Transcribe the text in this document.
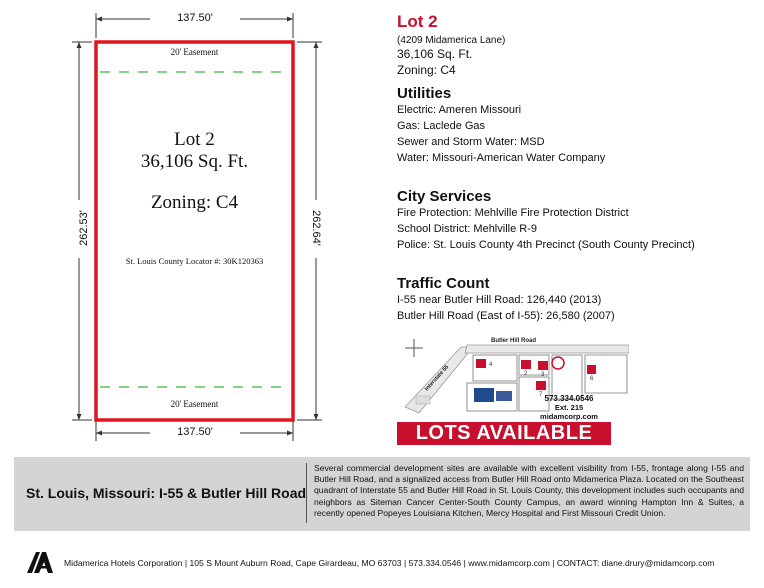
137.50'
137.50'
262.53'	262.64'
20' Easement
20' Easement
Lot 2
36,106 Sq. Ft.
Zoning: C4
St. Louis County Locator #: 30K120363
Lot 2
(4209 Midamerica Lane)
36,106 Sq. Ft.
Zoning: C4
Utilities
Electric: Ameren Missouri
Gas: Laclede Gas
Sewer and Storm Water: MSD
Water: Missouri-American Water Company
City Services
Fire Protection: Mehlville Fire Protection District
School District: Mehlville R-9
Police: St. Louis County 4th Precinct (South County Precinct)
Traffic Count
I-55 near Butler Hill Road: 126,440 (2013)
Butler Hill Road (East of I-55): 26,580 (2007)
4
2 3
6
7
Butler Hill Road
Interstate 55
573.334.0546
Ext. 215
midamcorp.com
LOTS AVAILABLE
St. Louis, Missouri: I-55 & Butler Hill Road
Several commercial development sites are available with excellent visibility from I-55, frontage along I-55 and Butler Hill Road, and a signalized access from Butler Hill Road onto Midamerica Plaza. Located on the Southeast quadrant of Interstate 55 and Butler Hill Road in St. Louis County, this development includes such occupants and neighbors as Siteman Cancer Center-South County Campus, an award winning Hampton Inn & Suites, a recently opened Popeyes Louisiana Kitchen, Mercy Hospital and First Missouri Credit Union.
Midamerica Hotels Corporation | 105 S Mount Auburn Road, Cape Girardeau, MO 63703 | 573.334.0546 | www.midamcorp.com | CONTACT: diane.drury@midamcorp.com
